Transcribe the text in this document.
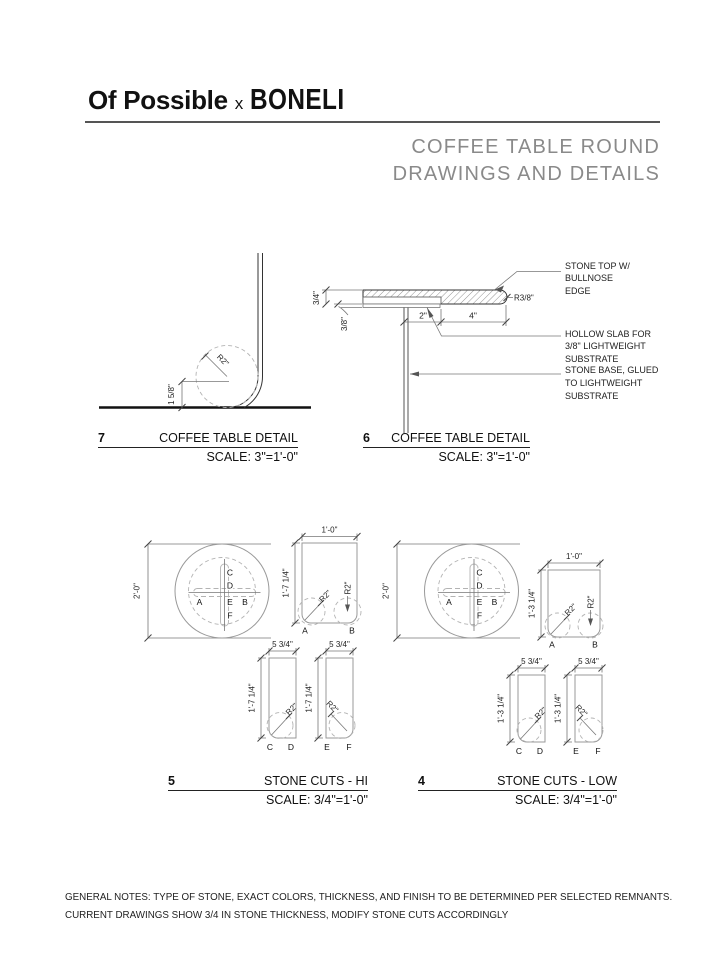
Of Possible x BONELI
COFFEE TABLE ROUND
DRAWINGS AND DETAILS
R2"
1 5/8"
3/4"
3/8"
2"	4"
R3/8"
2'-0"
C
D
A	E B
F
1'-0"
1'-7 1/4"	R2"
R2"
A	B
5 3/4"
1'-7 1/4"	R2"
C D
5 3/4"
1'-7 1/4" R2"
E F
2'-0"
C
D
A	E B
F
1'-0"
1'-3 1/4"	R2" R2"
A	B
5 3/4"
1'-3 1/4"	R2"
C D
5 3/4"
1'-3 1/4" R2"
E F
STONE TOP W/
BULLNOSE
EDGE
HOLLOW SLAB FOR
3/8" LIGHTWEIGHT
SUBSTRATE
STONE BASE, GLUED
TO LIGHTWEIGHT
SUBSTRATE
7	COFFEE TABLE DETAIL
SCALE: 3"=1'-0"
6 COFFEE TABLE DETAIL
SCALE: 3"=1'-0"
5	STONE CUTS - HI
SCALE: 3/4"=1'-0"
4	STONE CUTS - LOW
SCALE: 3/4"=1'-0"
GENERAL NOTES: TYPE OF STONE, EXACT COLORS, THICKNESS, AND FINISH TO BE DETERMINED PER SELECTED REMNANTS.
CURRENT DRAWINGS SHOW 3/4 IN STONE THICKNESS, MODIFY STONE CUTS ACCORDINGLY
